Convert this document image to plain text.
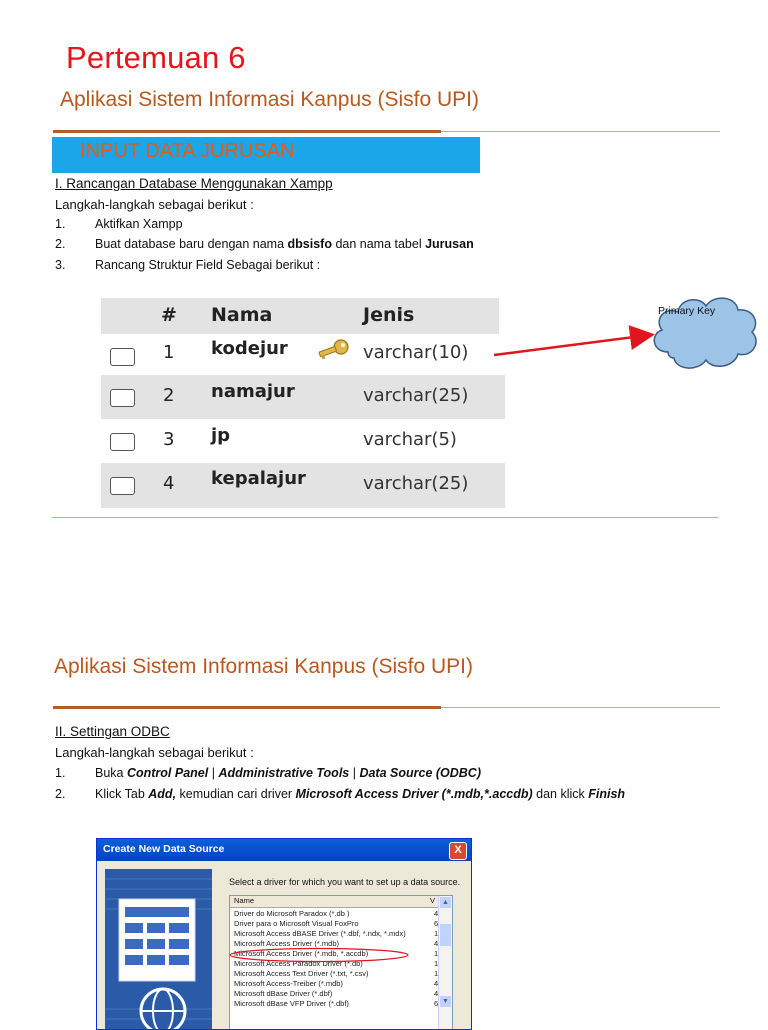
Pertemuan 6
Aplikasi Sistem Informasi Kanpus (Sisfo UPI)
INPUT DATA JURUSAN
I. Rancangan Database Menggunakan Xampp
Langkah-langkah sebagai berikut :
1.	Aktifkan Xampp
2.	Buat database baru dengan nama dbsisfo dan nama tabel Jurusan
3.	Rancang Struktur Field Sebagai berikut :
# Nama	Jenis
1 kodejur	varchar(10)
2 namajur	varchar(25)
3 jp	varchar(5)
4 kepalajur	varchar(25)
Primary Key
Aplikasi Sistem Informasi Kanpus (Sisfo UPI)
II. Settingan ODBC
Langkah-langkah sebagai berikut :
1.	Buka Control Panel | Addministrative Tools | Data Source (ODBC)
2.	Klick Tab Add, kemudian cari driver Microsoft Access Driver (*.mdb,*.accdb) dan klick Finish
Create New Data Source	X
Select a driver for which you want to set up a data source.
Name	V
Driver do Microsoft Paradox (*.db )	4
Driver para o Microsoft Visual FoxPro	6
Microsoft Access dBASE Driver (*.dbf, *.ndx, *.mdx)	1
Microsoft Access Driver (*.mdb)	4
Microsoft Access Driver (*.mdb, *.accdb)	1
Microsoft Access Paradox Driver (*.db)	1
Microsoft Access Text Driver (*.txt, *.csv)	1
Microsoft Access-Treiber (*.mdb)	4
Microsoft dBase Driver (*.dbf)	4
Microsoft dBase VFP Driver (*.dbf)	6
▲
▼
